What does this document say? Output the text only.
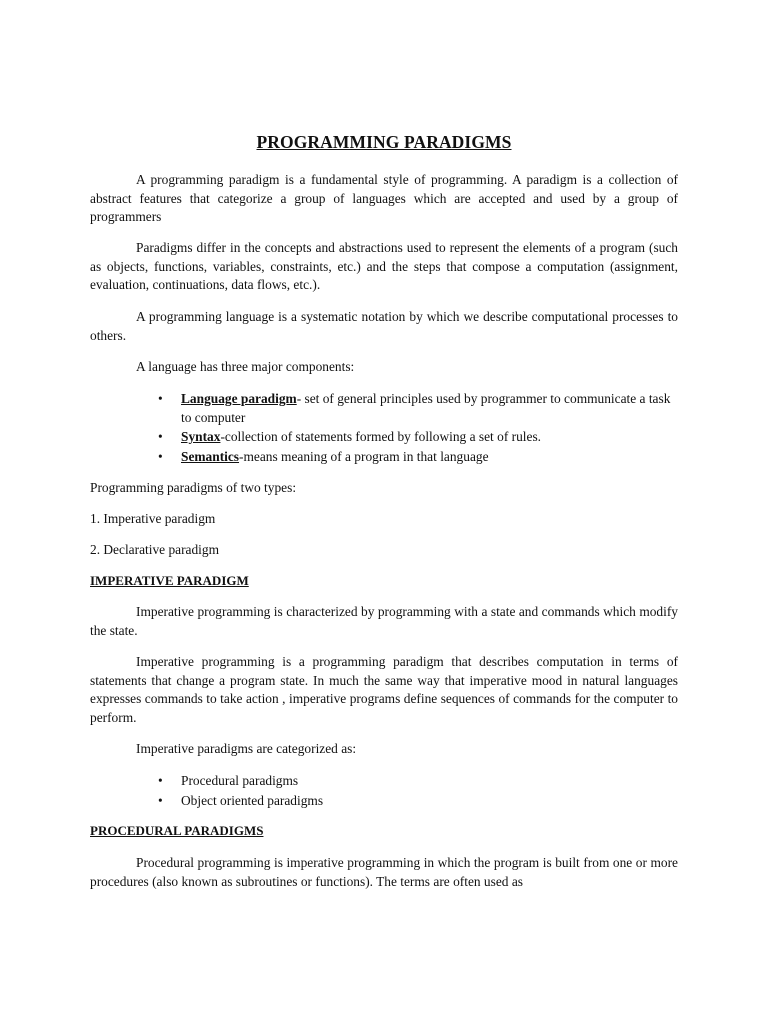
PROGRAMMING PARADIGMS

A programming paradigm is a fundamental style of programming. A paradigm is a collection of abstract features that categorize a group of languages which are accepted and used by a group of programmers

Paradigms differ in the concepts and abstractions used to represent the elements of a program (such as objects, functions, variables, constraints, etc.) and the steps that compose a computation (assignment, evaluation, continuations, data flows, etc.).

A programming language is a systematic notation by which we describe computational processes to others.

A language has three major components:

• Language paradigm- set of general principles used by programmer to communicate a task to computer
• Syntax-collection of statements formed by following a set of rules.
• Semantics-means meaning of a program in that language

Programming paradigms of two types:

1. Imperative paradigm

2. Declarative paradigm

IMPERATIVE PARADIGM

Imperative programming is characterized by programming with a state and commands which modify the state.

Imperative programming is a programming paradigm that describes computation in terms of statements that change a program state. In much the same way that imperative mood in natural languages expresses commands to take action , imperative programs define sequences of commands for the computer to perform.

Imperative paradigms are categorized as:

• Procedural paradigms
• Object oriented paradigms

PROCEDURAL PARADIGMS

Procedural programming is imperative programming in which the program is built from one or more procedures (also known as subroutines or functions). The terms are often used as
